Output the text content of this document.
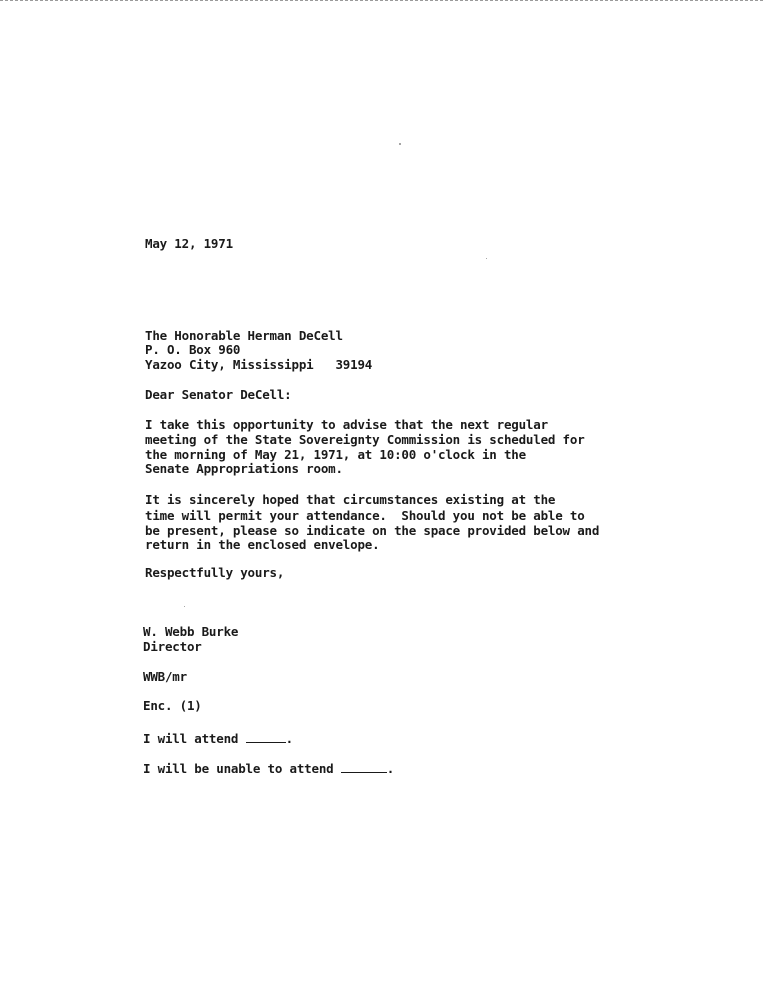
May 12, 1971
The Honorable Herman DeCell
P. O. Box 960
Yazoo City, Mississippi   39194
Dear Senator DeCell:
I take this opportunity to advise that the next regular
meeting of the State Sovereignty Commission is scheduled for
the morning of May 21, 1971, at 10:00 o'clock in the
Senate Appropriations room.
It is sincerely hoped that circumstances existing at the
time will permit your attendance.  Should you not be able to
be present, please so indicate on the space provided below and
return in the enclosed envelope.
Respectfully yours,
W. Webb Burke
Director
WWB/mr
Enc. (1)
I will attend	.
I will be unable to attend	.
